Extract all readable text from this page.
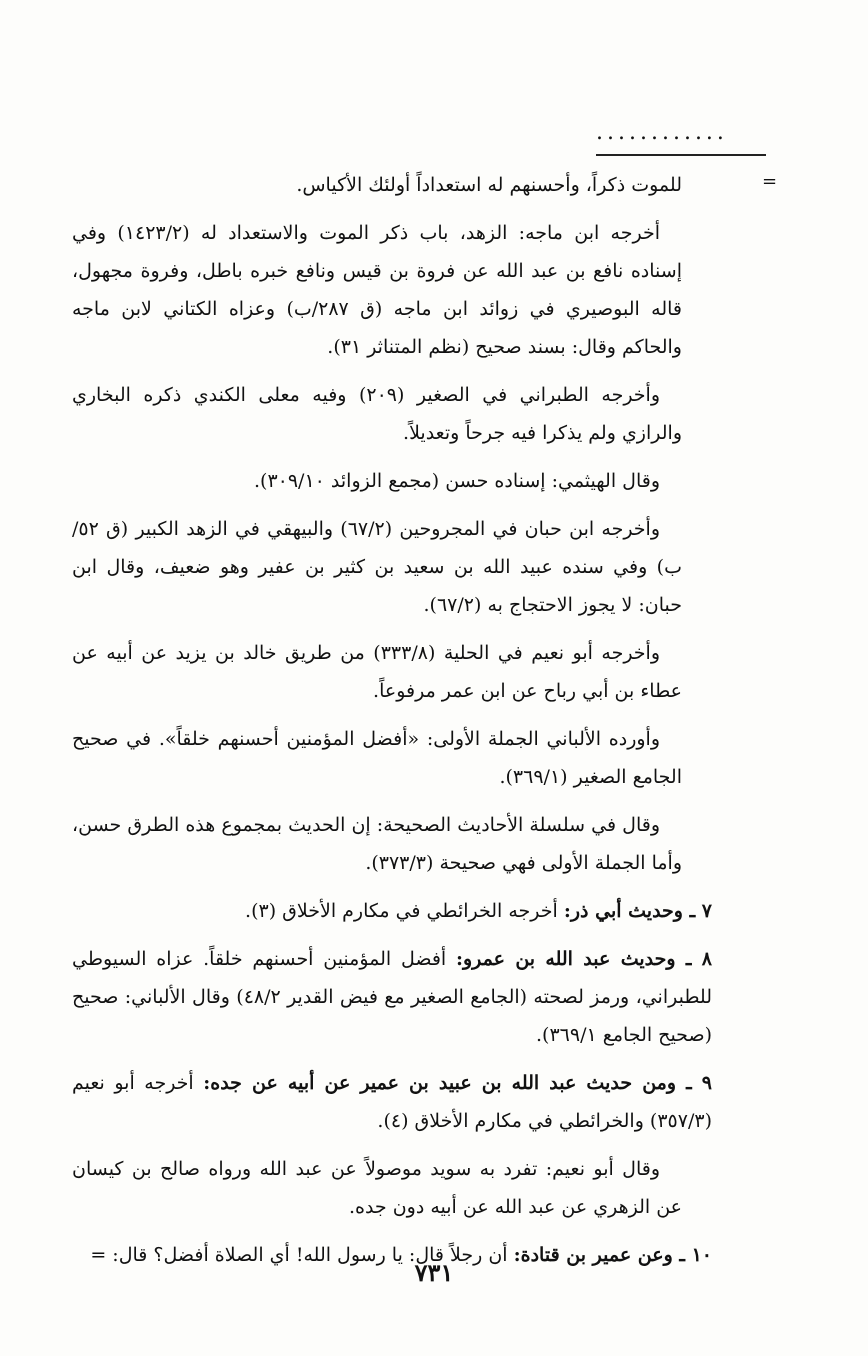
............
=

للموت ذكراً، وأحسنهم له استعداداً أولئك الأكياس.

أخرجه ابن ماجه: الزهد، باب ذكر الموت والاستعداد له (١٤٢٣/٢) وفي إسناده نافع بن عبد الله عن فروة بن قيس ونافع خبره باطل، وفروة مجهول، قاله البوصيري في زوائد ابن ماجه (ق ٢٨٧/ب) وعزاه الكتاني لابن ماجه والحاكم وقال: بسند صحيح (نظم المتناثر ٣١).

وأخرجه الطبراني في الصغير (٢٠٩) وفيه معلى الكندي ذكره البخاري والرازي ولم يذكرا فيه جرحاً وتعديلاً.

وقال الهيثمي: إسناده حسن (مجمع الزوائد ٣٠٩/١٠).

وأخرجه ابن حبان في المجروحين (٦٧/٢) والبيهقي في الزهد الكبير (ق ٥٢/ب) وفي سنده عبيد الله بن سعيد بن كثير بن عفير وهو ضعيف، وقال ابن حبان: لا يجوز الاحتجاج به (٦٧/٢).

وأخرجه أبو نعيم في الحلية (٣٣٣/٨) من طريق خالد بن يزيد عن أبيه عن عطاء بن أبي رباح عن ابن عمر مرفوعاً.

وأورده الألباني الجملة الأولى: «أفضل المؤمنين أحسنهم خلقاً». في صحيح الجامع الصغير (٣٦٩/١).

وقال في سلسلة الأحاديث الصحيحة: إن الحديث بمجموع هذه الطرق حسن، وأما الجملة الأولى فهي صحيحة (٣٧٣/٣).

٧ ـ وحديث أبي ذر: أخرجه الخرائطي في مكارم الأخلاق (٣).

٨ ـ وحديث عبد الله بن عمرو: أفضل المؤمنين أحسنهم خلقاً. عزاه السيوطي للطبراني، ورمز لصحته (الجامع الصغير مع فيض القدير ٤٨/٢) وقال الألباني: صحيح (صحيح الجامع ٣٦٩/١).

٩ ـ ومن حديث عبد الله بن عبيد بن عمير عن أبيه عن جده: أخرجه أبو نعيم (٣٥٧/٣) والخرائطي في مكارم الأخلاق (٤).

وقال أبو نعيم: تفرد به سويد موصولاً عن عبد الله ورواه صالح بن كيسان عن الزهري عن عبد الله عن أبيه دون جده.

١٠ ـ وعن عمير بن قتادة: أن رجلاً قال: يا رسول الله! أي الصلاة أفضل؟ قال: =

٧٣١
